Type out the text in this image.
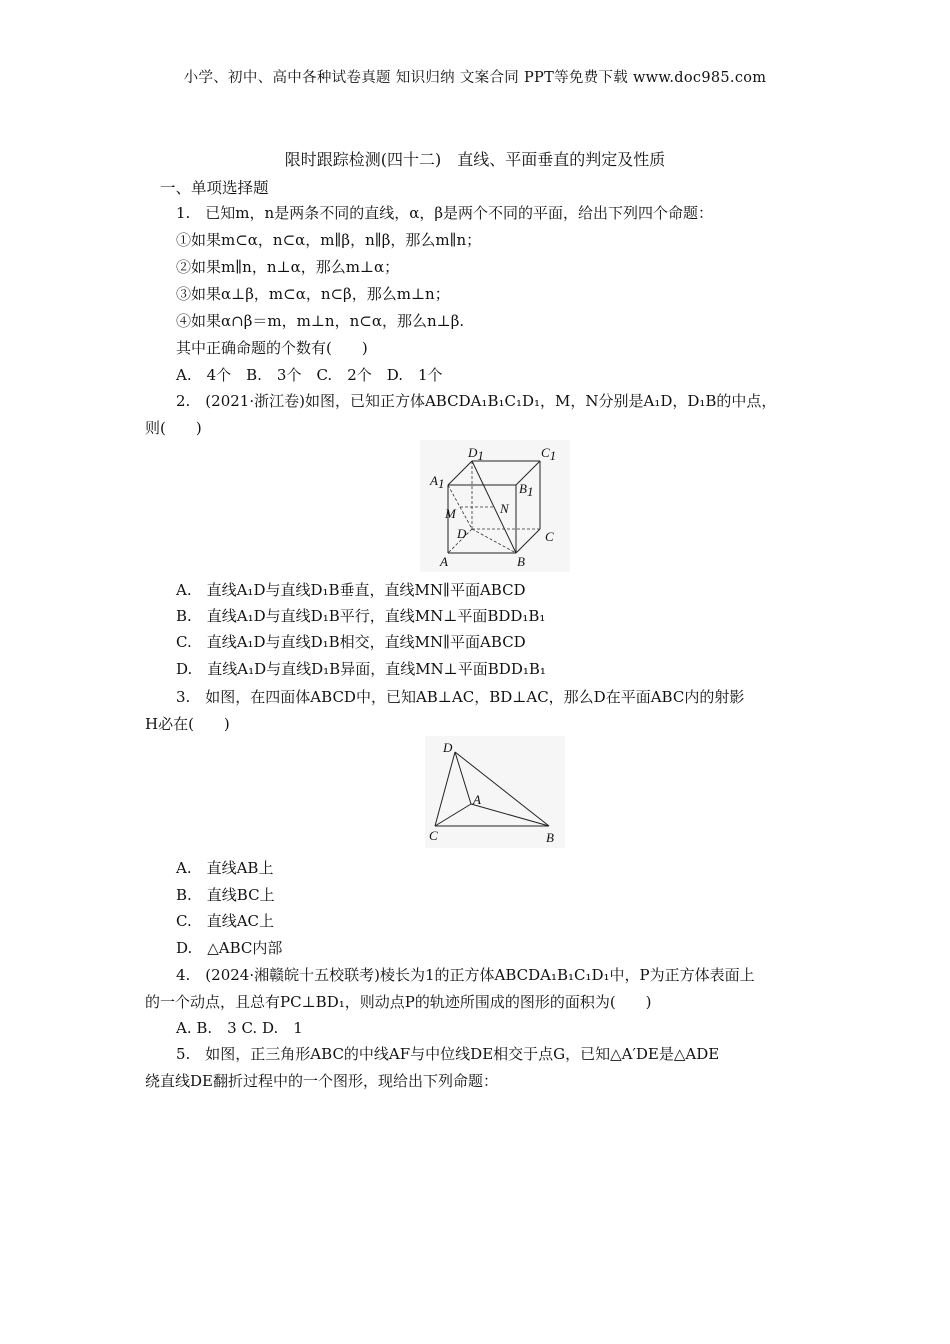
小学、初中、高中各种试卷真题 知识归纳 文案合同 PPT等免费下载 www.doc985.com
限时跟踪检测(四十二)　直线、平面垂直的判定及性质
一、单项选择题
1.　已知m，n是两条不同的直线，α，β是两个不同的平面，给出下列四个命题：
①如果m⊂α，n⊂α，m∥β，n∥β，那么m∥n；
②如果m∥n，n⊥α，那么m⊥α；
③如果α⊥β，m⊂α，n⊂β，那么m⊥n；
④如果α∩β＝m，m⊥n，n⊂α，那么n⊥β.
其中正确命题的个数有(　　)
A.　4个　B.　3个　C.　2个　D.　1个
2.　(2021·浙江卷)如图，已知正方体ABCDA₁B₁C₁D₁，M，N分别是A₁D，D₁B的中点，
则(　　)
D1	C1
A1	B1
M	N
D	C
A	B
A.　直线A₁D与直线D₁B垂直，直线MN∥平面ABCD
B.　直线A₁D与直线D₁B平行，直线MN⊥平面BDD₁B₁
C.　直线A₁D与直线D₁B相交，直线MN∥平面ABCD
D.　直线A₁D与直线D₁B异面，直线MN⊥平面BDD₁B₁
3.　如图，在四面体ABCD中，已知AB⊥AC，BD⊥AC，那么D在平面ABC内的射影
H必在(　　)
D
A
C	B
A.　直线AB上
B.　直线BC上
C.　直线AC上
D.　△ABC内部
4.　(2024·湘赣皖十五校联考)棱长为1的正方体ABCDA₁B₁C₁D₁中，P为正方体表面上
的一个动点，且总有PC⊥BD₁，则动点P的轨迹所围成的图形的面积为(　　)
A. B.　3 C. D.　1
5.　如图，正三角形ABC的中线AF与中位线DE相交于点G，已知△A′DE是△ADE
绕直线DE翻折过程中的一个图形，现给出下列命题：
